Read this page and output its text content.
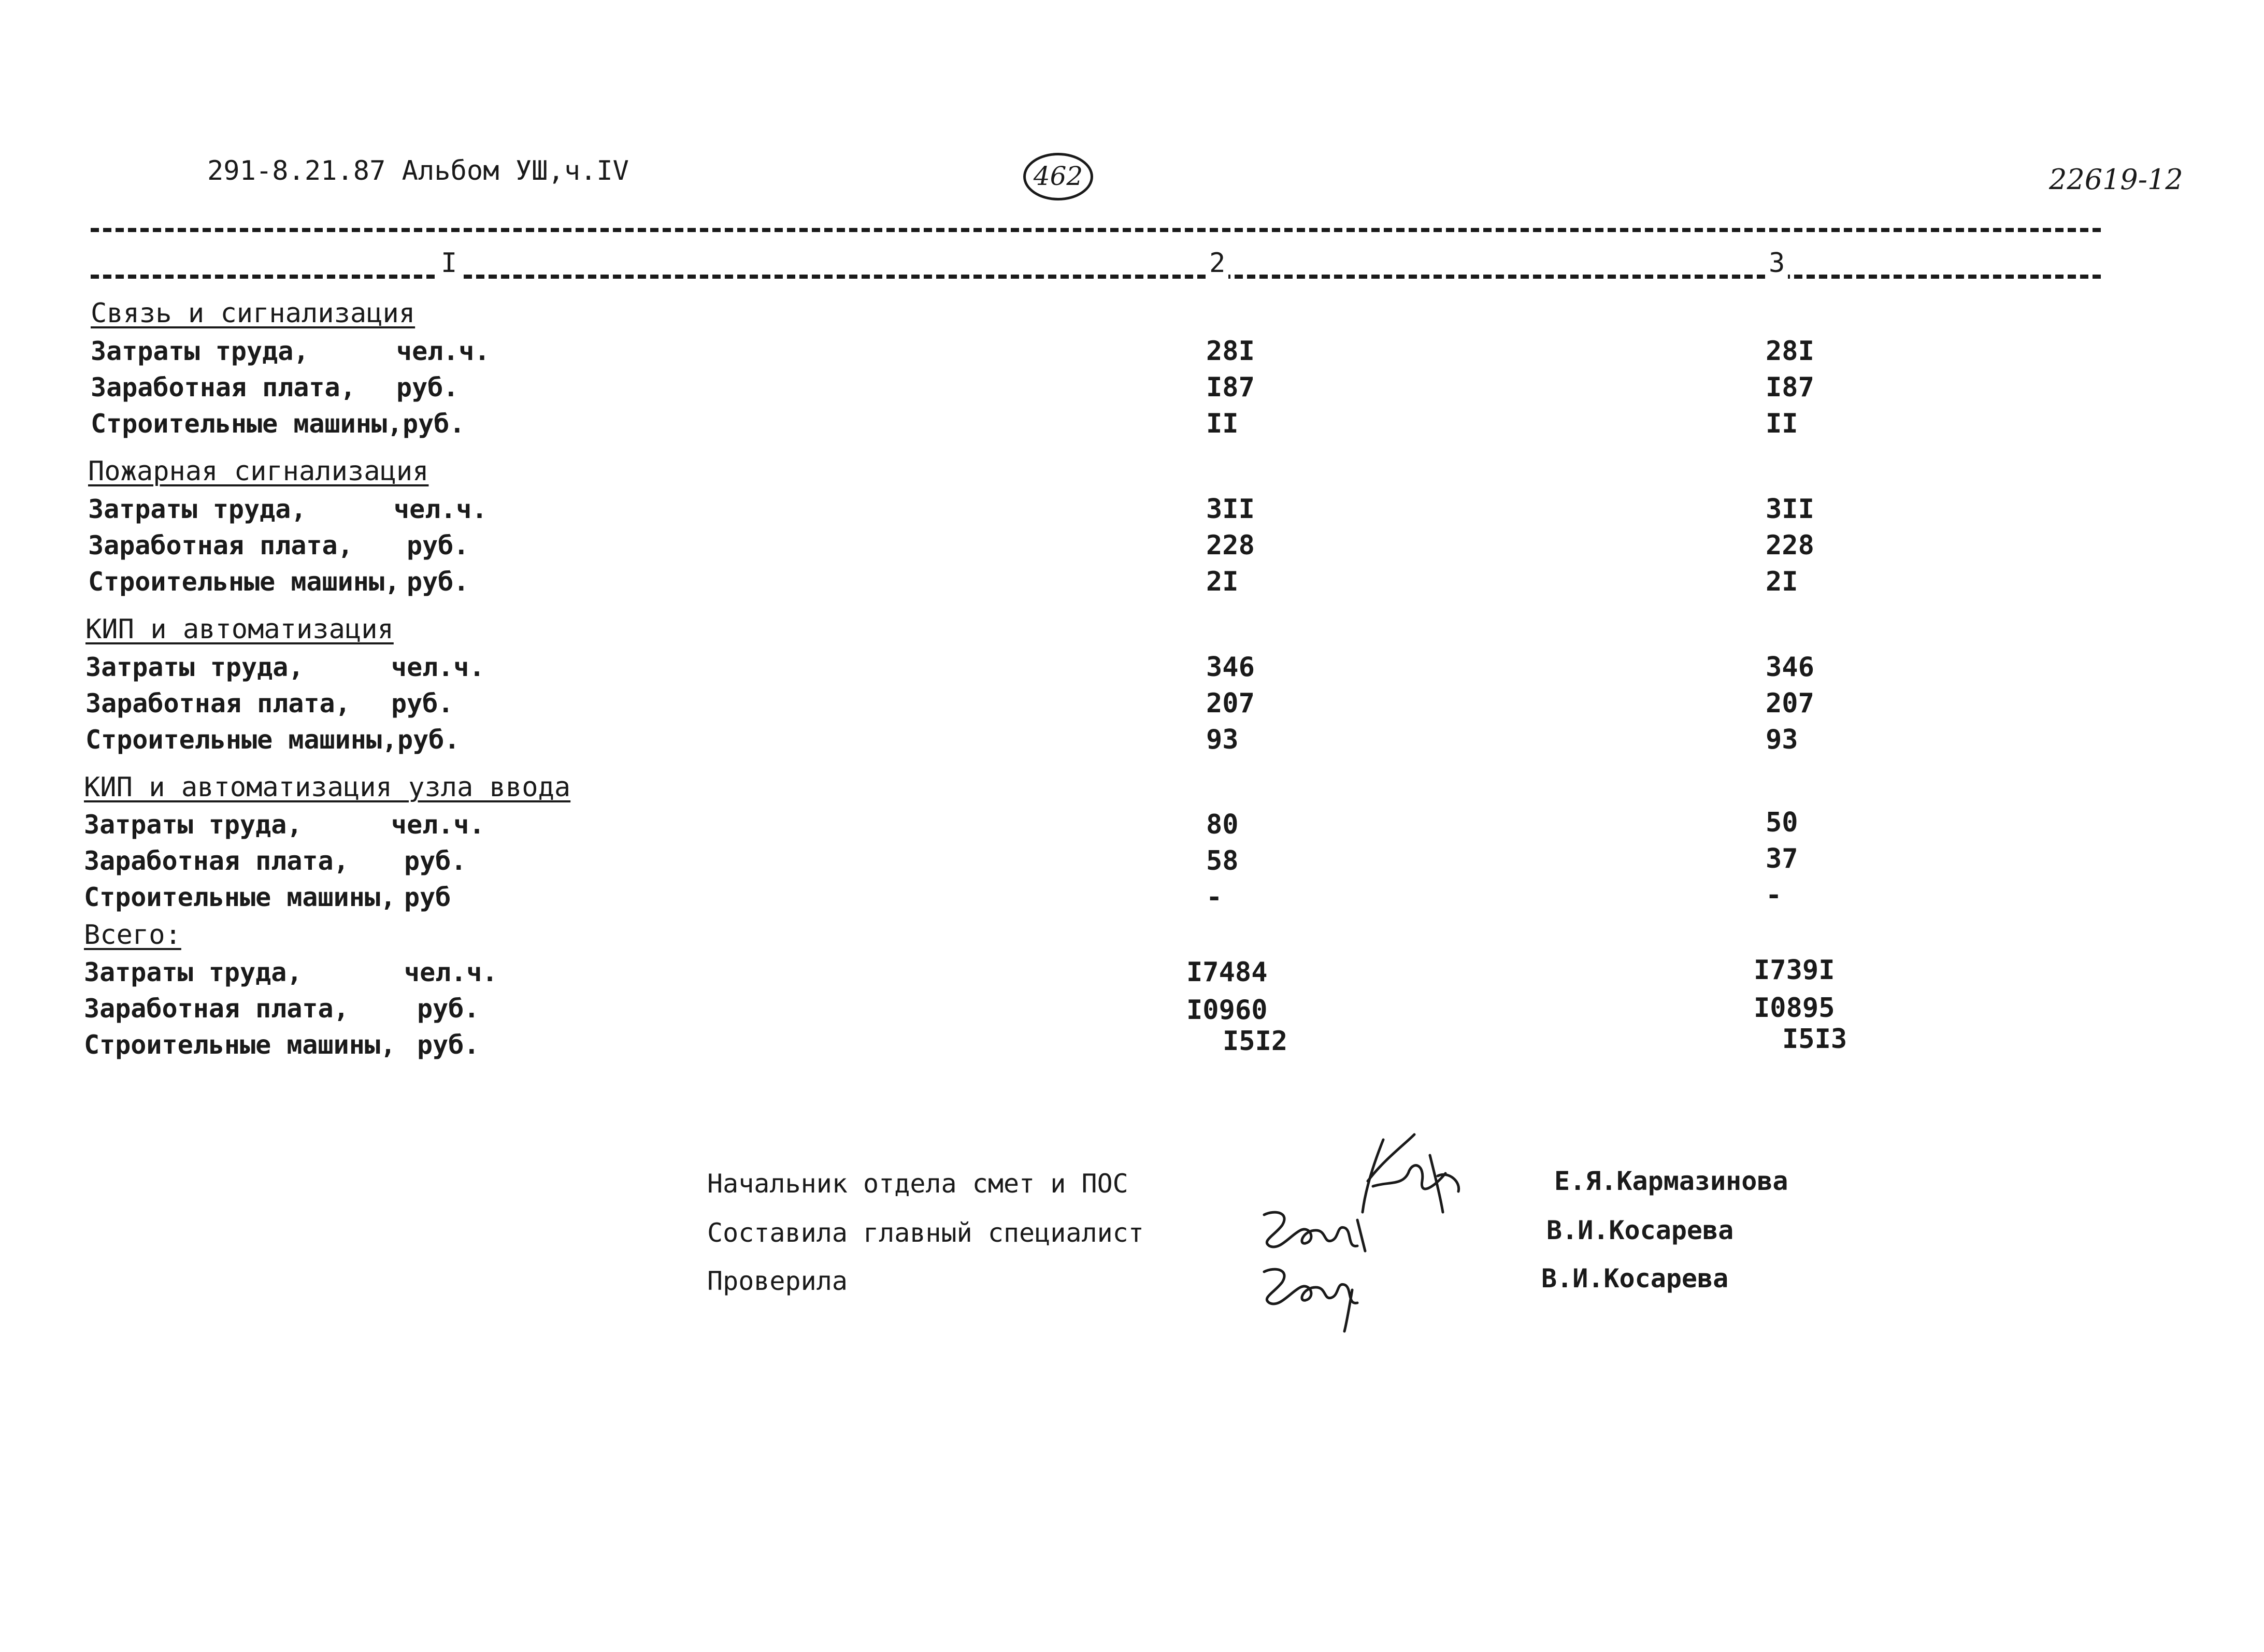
291-8.21.87 Альбом УШ,ч.IV	462	22619-12
I	2	3
Связь и сигнализация
Затраты труда,	чел.ч.	28I	28I
Заработная плата, руб.	I87	I87
Строительные машины,руб.	II	II
Пожарная сигнализация
Затраты труда,	чел.ч.	3II	3II
Заработная плата, руб.	228	228
Строительные машины, руб.	2I	2I
КИП и автоматизация
Затраты труда,	чел.ч.	346	346
Заработная плата, руб.	207	207
Строительные машины,руб.	93	93
КИП и автоматизация узла ввода
Затраты труда,	чел.ч.	80	50
Заработная плата, руб.	58	37
Строительные машины, руб	-	-
Всего:
Затраты труда,	чел.ч.	I7484	I739I
Заработная плата,	руб.	I0960	I0895
Строительные машины, руб.	I5I2	I5I3
Начальник отдела смет и ПОС	Е.Я.Кармазинова
Составила главный специалист	В.И.Косарева
Проверила	В.И.Косарева
